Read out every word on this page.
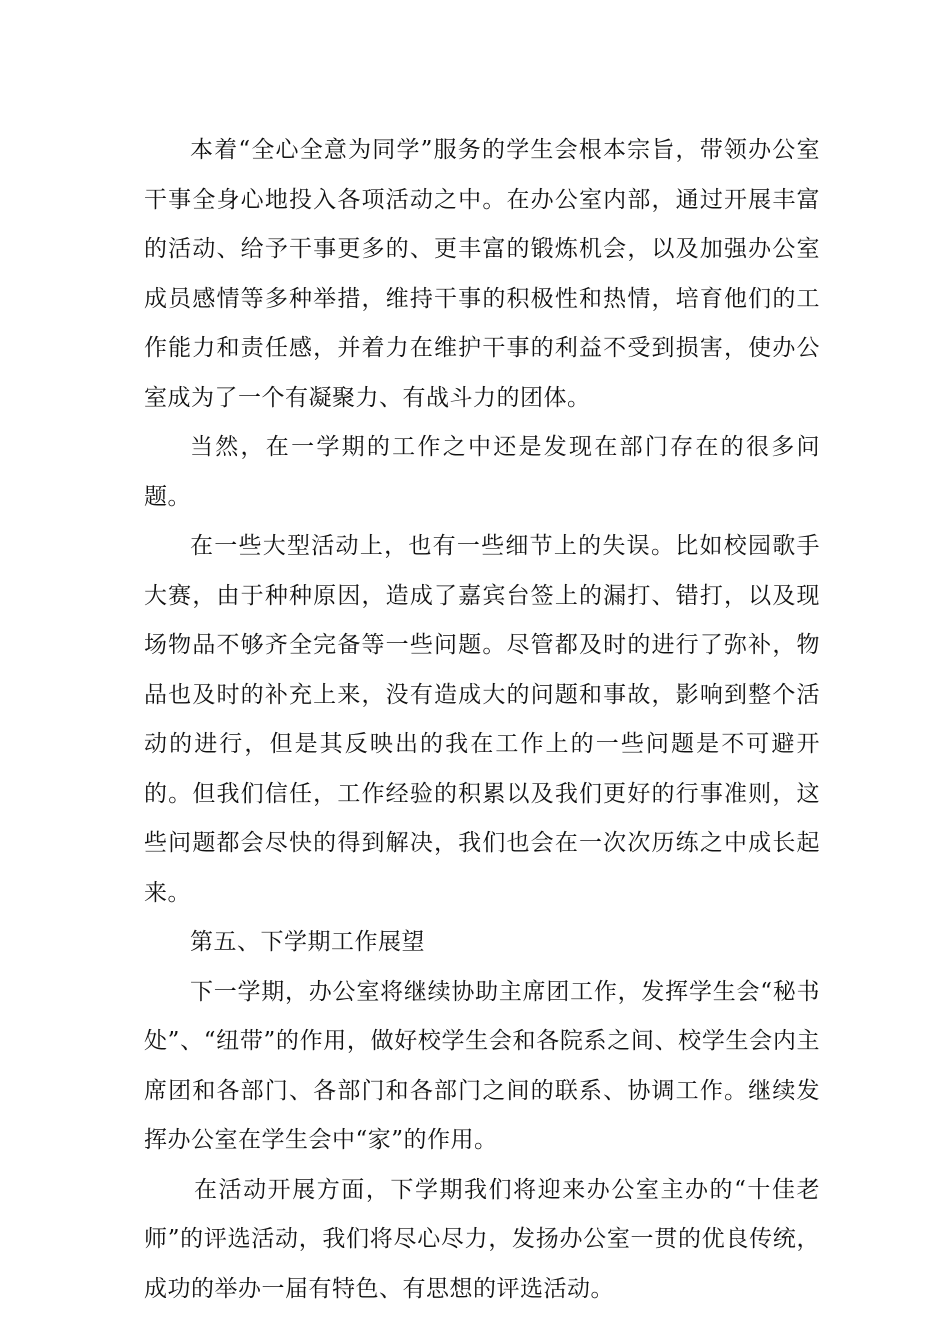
本着“全心全意为同学”服务的学生会根本宗旨，带领办公室干事全身心地投入各项活动之中。在办公室内部，通过开展丰富的活动、给予干事更多的、更丰富的锻炼机会，以及加强办公室成员感情等多种举措，维持干事的积极性和热情，培育他们的工作能力和责任感，并着力在维护干事的利益不受到损害，使办公室成为了一个有凝聚力、有战斗力的团体。

当然，在一学期的工作之中还是发现在部门存在的很多问题。

在一些大型活动上，也有一些细节上的失误。比如校园歌手大赛，由于种种原因，造成了嘉宾台签上的漏打、错打，以及现场物品不够齐全完备等一些问题。尽管都及时的进行了弥补，物品也及时的补充上来，没有造成大的问题和事故，影响到整个活动的进行，但是其反映出的我在工作上的一些问题是不可避开的。但我们信任，工作经验的积累以及我们更好的行事准则，这些问题都会尽快的得到解决，我们也会在一次次历练之中成长起来。

第五、下学期工作展望

下一学期，办公室将继续协助主席团工作，发挥学生会“秘书处”、“纽带”的作用，做好校学生会和各院系之间、校学生会内主席团和各部门、各部门和各部门之间的联系、协调工作。继续发挥办公室在学生会中“家”的作用。

在活动开展方面，下学期我们将迎来办公室主办的“十佳老师”的评选活动，我们将尽心尽力，发扬办公室一贯的优良传统，成功的举办一届有特色、有思想的评选活动。
